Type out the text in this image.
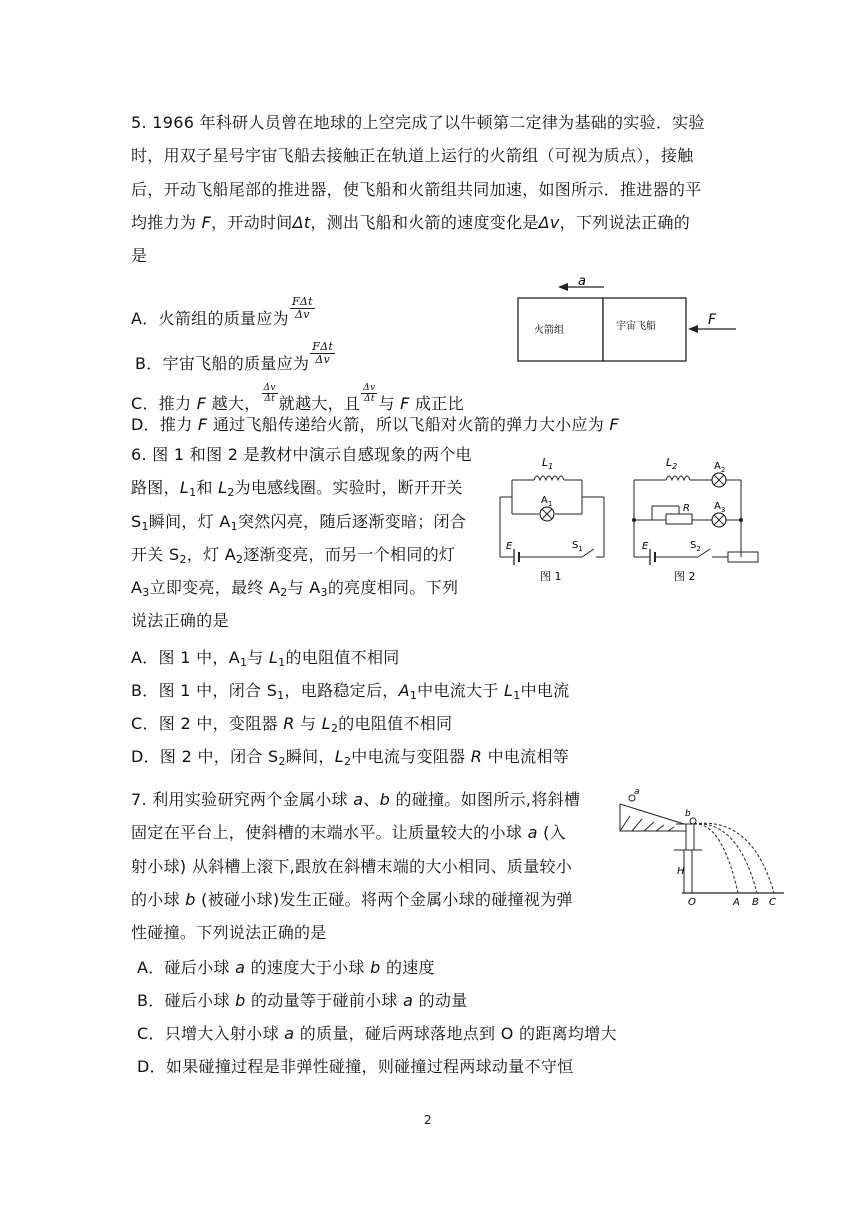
5. 1966 年科研人员曾在地球的上空完成了以牛顿第二定律为基础的实验．实验
时，用双子星号宇宙飞船去接触正在轨道上运行的火箭组（可视为质点），接触
后，开动飞船尾部的推进器，使飞船和火箭组共同加速，如图所示．推进器的平
均推力为 F，开动时间Δt，测出飞船和火箭的速度变化是Δv，下列说法正确的
是
A．火箭组的质量应为 $\frac{\text{FΔt}}{\Delta v}$
B．宇宙飞船的质量应为 $\frac{\text{FΔt}}{\Delta v}$
C．推力 F 越大， $\frac{\Delta v}{\Delta t}$ 就越大，且 $\frac{\Delta v}{\Delta t}$ 与 F 成正比
D．推力 F 通过飞船传递给火箭，所以飞船对火箭的弹力大小应为 F
a
火箭组	宇宙飞船	F
6. 图 1 和图 2 是教材中演示自感现象的两个电
路图，$L_1$和 $L_2$为电感线圈。实验时，断开开关
$S_1$瞬间，灯 $A_1$突然闪亮，随后逐渐变暗；闭合
开关 $S_2$，灯 $A_2$逐渐变亮，而另一个相同的灯
$A_3$立即变亮，最终 $A_2$与 $A_3$的亮度相同。下列
说法正确的是
A．图 1 中，$A_1$与 $L_1$的电阻值不相同
B．图 1 中，闭合 $S_1$，电路稳定后，$A_1$中电流大于 $L_1$中电流
C．图 2 中，变阻器 R 与 $L_2$的电阻值不相同
D．图 2 中，闭合 $S_2$瞬间，$L_2$中电流与变阻器 R 中电流相等
$L_1$
$A_1$
E	$S_1$
图 1
$L_2$	$A_2$
R $A_3$
E	$S_2$
图 2
7. 利用实验研究两个金属小球 a、b 的碰撞。如图所示,将斜槽
固定在平台上，使斜槽的末端水平。让质量较大的小球 a (入
射小球) 从斜槽上滚下,跟放在斜槽末端的大小相同、质量较小
的小球 b (被碰小球)发生正碰。将两个金属小球的碰撞视为弹
性碰撞。下列说法正确的是
A．碰后小球 a 的速度大于小球 b 的速度
B．碰后小球 b 的动量等于碰前小球 a 的动量
C．只增大入射小球 a 的质量，碰后两球落地点到 O 的距离均增大
D．如果碰撞过程是非弹性碰撞，则碰撞过程两球动量不守恒
a
b
H
O	A B C
2
